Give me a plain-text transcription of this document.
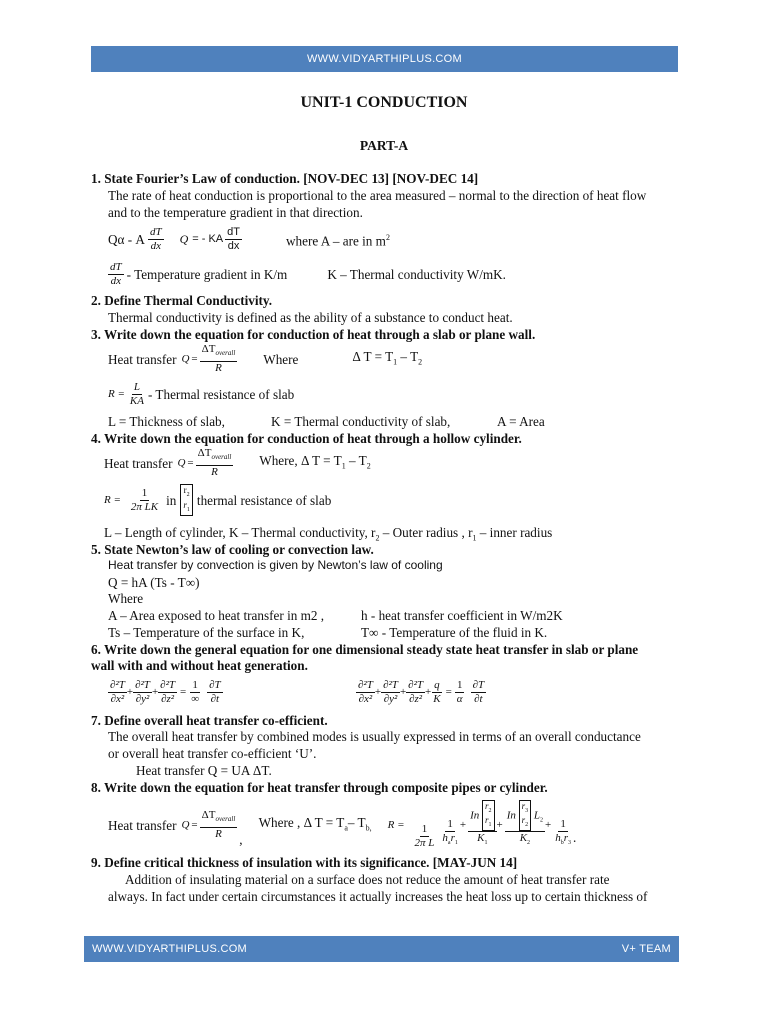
WWW.VIDYARTHIPLUS.COM
UNIT-1 CONDUCTION
PART-A
1. State Fourier’s Law of conduction. [NOV-DEC 13] [NOV-DEC 14]
The rate of heat conduction is proportional to the area measured – normal to the direction of heat flow
and to the temperature gradient in that direction.
Qα - A $\frac{dT}{dx}$ Q = - KA $\frac{dT}{dx}$	where A – are in $m^2$
$\frac{dT}{dx}$ - Temperature gradient in K/m	K – Thermal conductivity W/mK.
2. Define Thermal Conductivity.
Thermal conductivity is defined as the ability of a substance to conduct heat.
3. Write down the equation for conduction of heat through a slab or plane wall.
Heat transfer $Q = \frac{\Delta T_{overall}}{R}$ Where	Δ $T = T_1 - T_2$
$R = \frac{L}{KA}$ - Thermal resistance of slab
L = Thickness of slab,	K = Thermal conductivity of slab,	A = Area
4. Write down the equation for conduction of heat through a hollow cylinder.
Heat transfer $Q = \frac{\Delta T_{overall}}{R}$ Where, Δ $T = T_1 - T_2$
$R = \frac{1}{\text{2π LK}}$ in
$r_2$
$r_1$
thermal resistance of slab
L – Length of cylinder, K – Thermal conductivity, $r_2$ – Outer radius , $r_1$ – inner radius
5. State Newton’s law of cooling or convection law.
Heat transfer by convection is given by Newton’s law of cooling
Q = hA (Ts - T∞)
Where
A – Area exposed to heat transfer in m2 ,	h - heat transfer coefficient in W/m2K
Ts – Temperature of the surface in K,	T∞ - Temperature of the fluid in K.
6. Write down the general equation for one dimensional steady state heat transfer in slab or plane
wall with and without heat generation.
$\frac{\text{∂²T}}{\text{∂x²}} + \frac{\text{∂²T}}{\text{∂y²}} + \frac{\text{∂²T}}{\text{∂z²}} = \frac{1}{\infty} \frac{\partial T}{\partial t}$	$\frac{\text{∂²T}}{\text{∂x²}} + \frac{\text{∂²T}}{\text{∂y²}} + \frac{\text{∂²T}}{\text{∂z²}} + \frac{q}{K} = \frac{1}{\alpha} \frac{\partial T}{\partial t}$
7. Define overall heat transfer co-efficient.
The overall heat transfer by combined modes is usually expressed in terms of an overall conductance
or overall heat transfer co-efficient ‘U’.
Heat transfer Q = UA ΔT.
8. Write down the equation for heat transfer through composite pipes or cylinder.
Heat transfer $Q = \frac{\Delta T_{overall}}{R}$ ,
Where , Δ $T = T_a-$ $T_{b,}$ $R = \frac{1}{\text{2π L}} \frac{1}{h_ar_1}$ +
In $r_2$
$r_1$
$K_1$
+
In $r_3$
$r_2$ $L_2$
$K_2$
+ $\frac{1}{h_br_3}$ .
9. Define critical thickness of insulation with its significance. [MAY-JUN 14]
Addition of insulating material on a surface does not reduce the amount of heat transfer rate
always. In fact under certain circumstances it actually increases the heat loss up to certain thickness of
WWW.VIDYARTHIPLUS.COM	V+ TEAM
